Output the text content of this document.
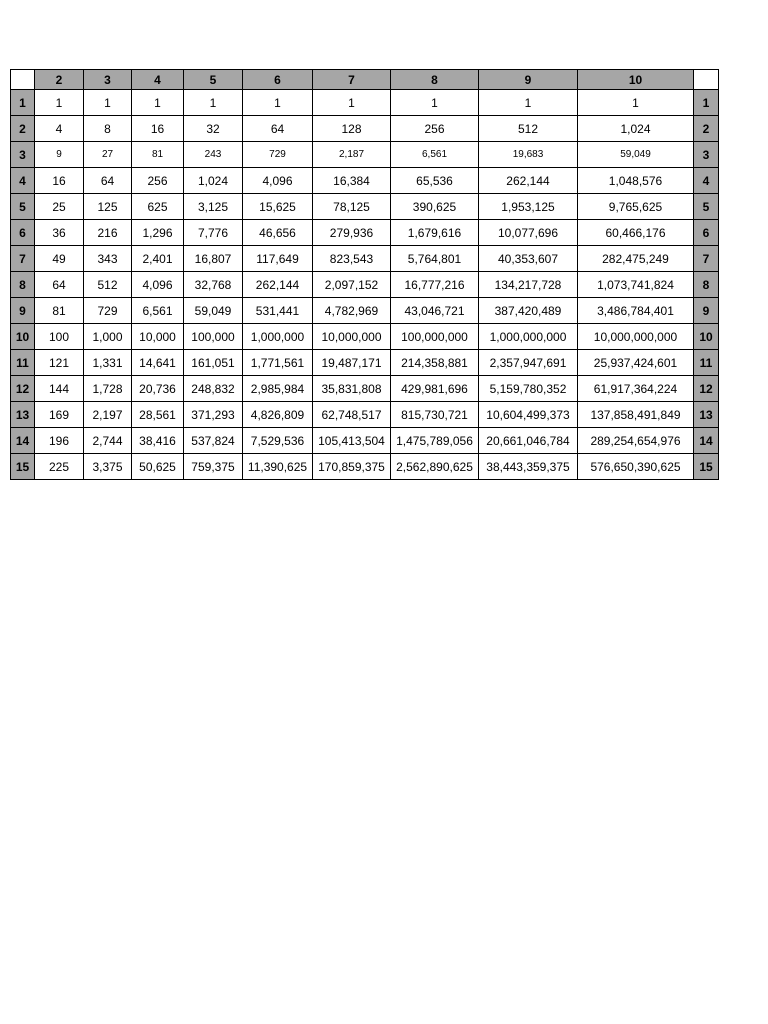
	2	3	4	5	6	7	8	9	10	
1	1	1	1	1	1	1	1	1	1	1
2	4	8	16	32	64	128	256	512	1,024	2
3	9	27	81	243	729	2,187	6,561	19,683	59,049	3
4	16	64	256	1,024	4,096	16,384	65,536	262,144	1,048,576	4
5	25	125	625	3,125	15,625	78,125	390,625	1,953,125	9,765,625	5
6	36	216	1,296	7,776	46,656	279,936	1,679,616	10,077,696	60,466,176	6
7	49	343	2,401	16,807	117,649	823,543	5,764,801	40,353,607	282,475,249	7
8	64	512	4,096	32,768	262,144	2,097,152	16,777,216	134,217,728	1,073,741,824	8
9	81	729	6,561	59,049	531,441	4,782,969	43,046,721	387,420,489	3,486,784,401	9
10	100	1,000	10,000	100,000	1,000,000	10,000,000	100,000,000	1,000,000,000	10,000,000,000	10
11	121	1,331	14,641	161,051	1,771,561	19,487,171	214,358,881	2,357,947,691	25,937,424,601	11
12	144	1,728	20,736	248,832	2,985,984	35,831,808	429,981,696	5,159,780,352	61,917,364,224	12
13	169	2,197	28,561	371,293	4,826,809	62,748,517	815,730,721	10,604,499,373	137,858,491,849	13
14	196	2,744	38,416	537,824	7,529,536	105,413,504	1,475,789,056	20,661,046,784	289,254,654,976	14
15	225	3,375	50,625	759,375	11,390,625	170,859,375	2,562,890,625	38,443,359,375	576,650,390,625	15
